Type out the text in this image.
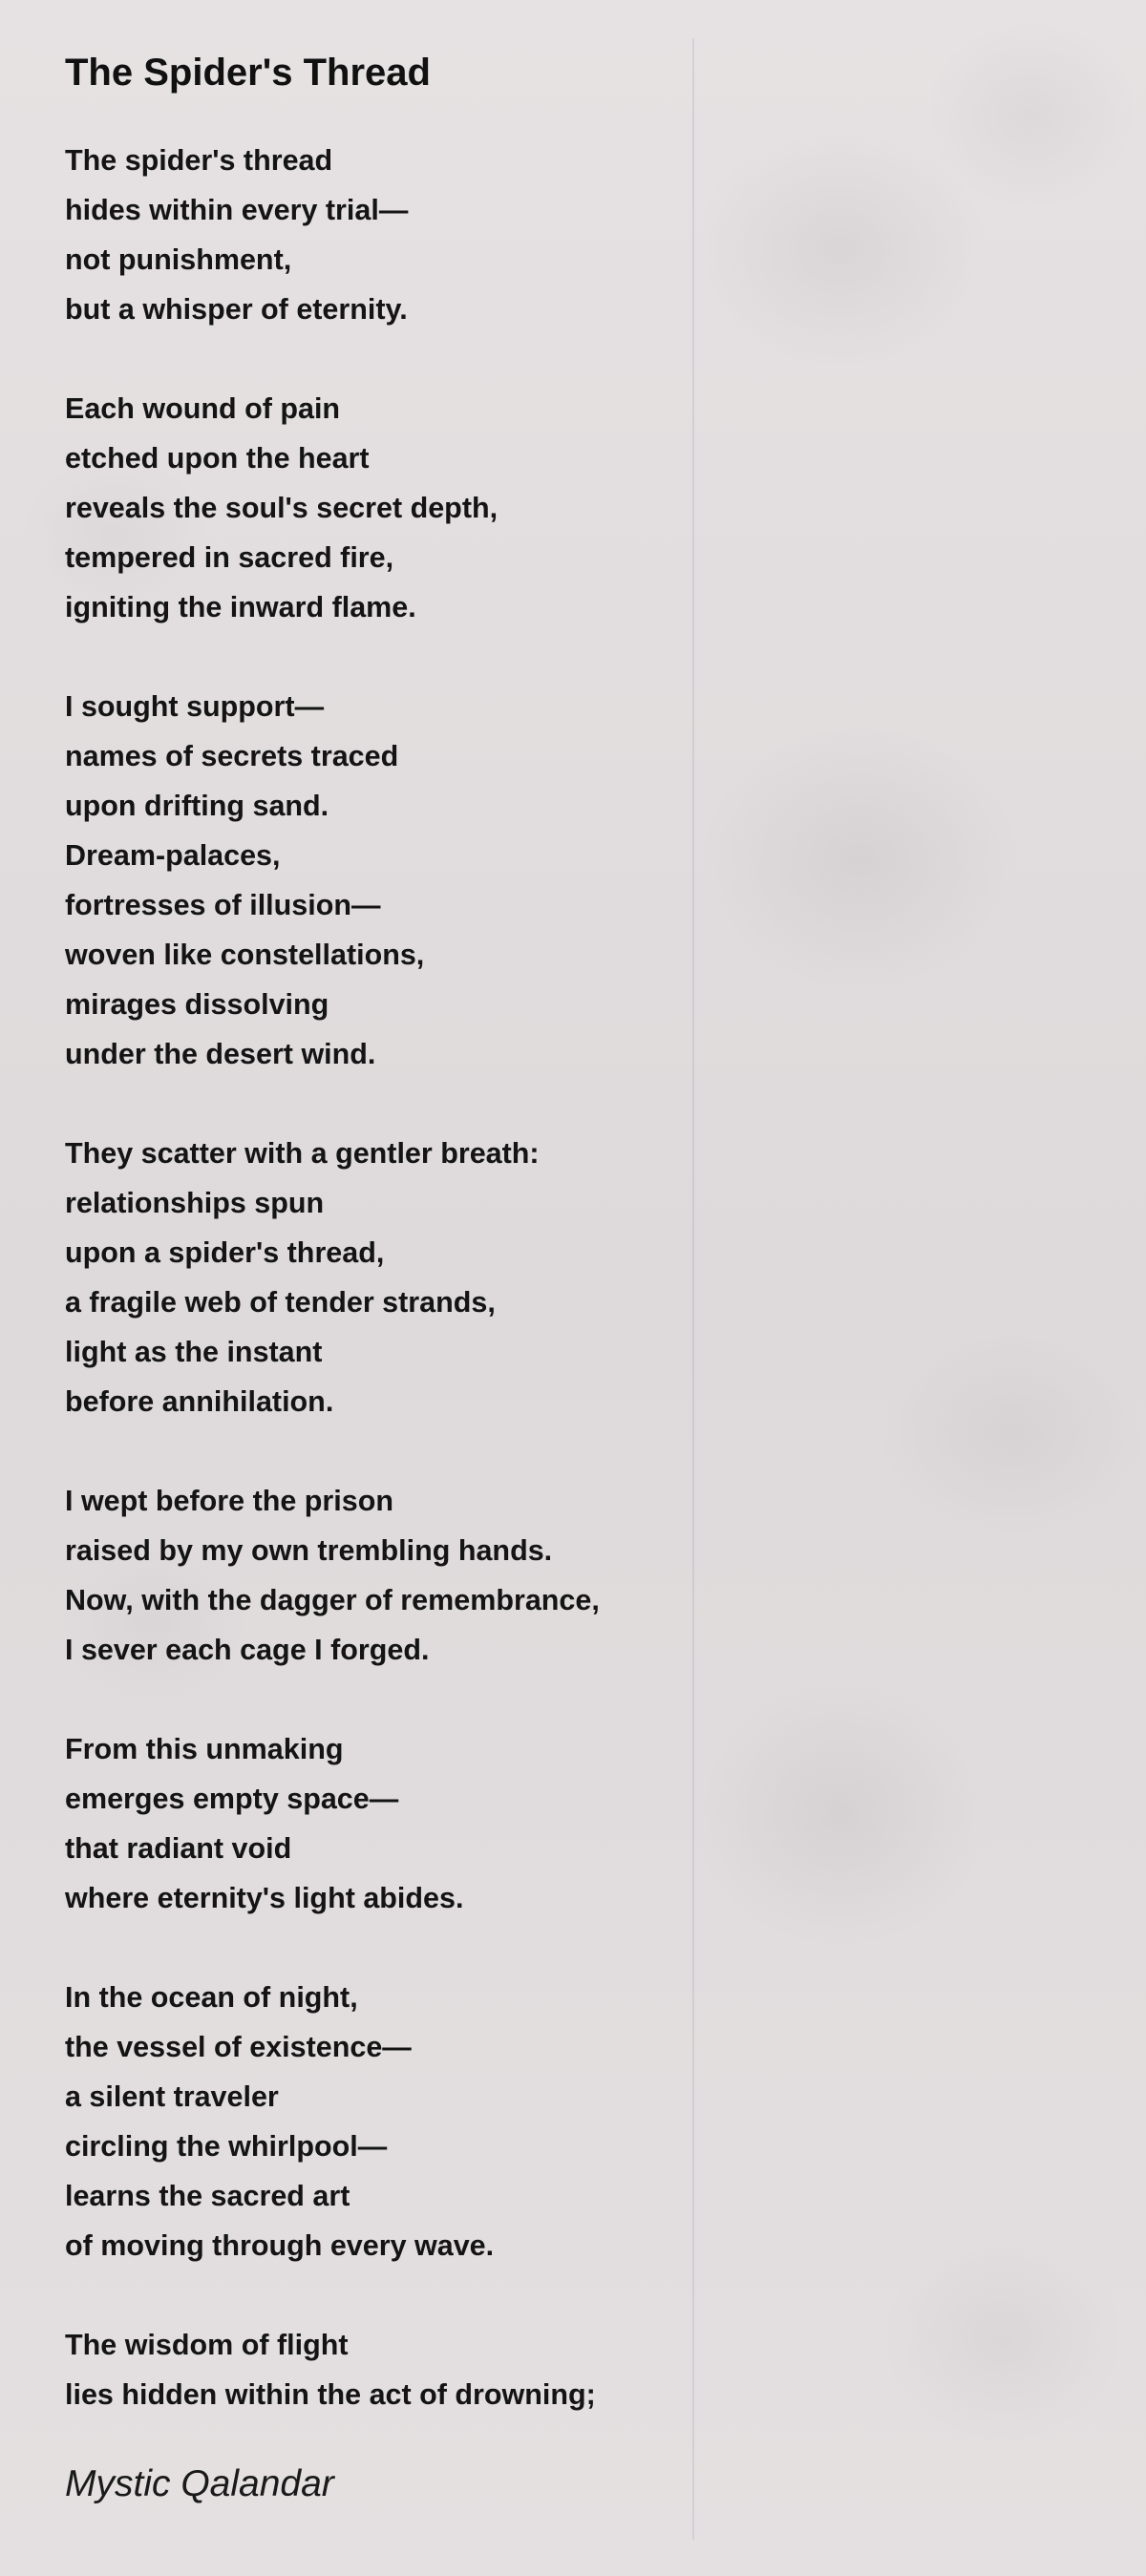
The Spider's Thread
The spider's thread
hides within every trial—
not punishment,
but a whisper of eternity.
Each wound of pain
etched upon the heart
reveals the soul's secret depth,
tempered in sacred fire,
igniting the inward flame.
I sought support—
names of secrets traced
upon drifting sand.
Dream-palaces,
fortresses of illusion—
woven like constellations,
mirages dissolving
under the desert wind.
They scatter with a gentler breath:
relationships spun
upon a spider's thread,
a fragile web of tender strands,
light as the instant
before annihilation.
I wept before the prison
raised by my own trembling hands.
Now, with the dagger of remembrance,
I sever each cage I forged.
From this unmaking
emerges empty space—
that radiant void
where eternity's light abides.
In the ocean of night,
the vessel of existence—
a silent traveler
circling the whirlpool—
learns the sacred art
of moving through every wave.
The wisdom of flight
lies hidden within the act of drowning;
Mystic Qalandar
